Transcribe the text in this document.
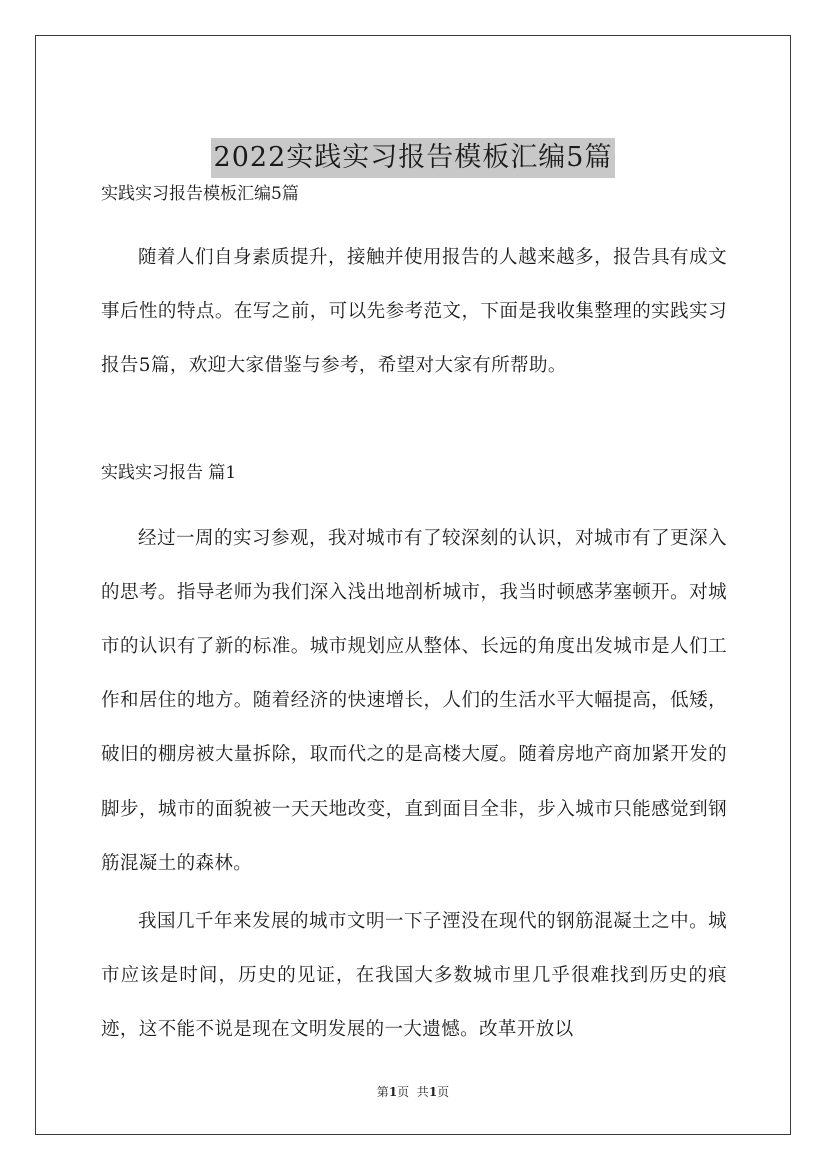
2022实践实习报告模板汇编5篇

实践实习报告模板汇编5篇

随着人们自身素质提升，接触并使用报告的人越来越多，报告具有成文事后性的特点。在写之前，可以先参考范文，下面是我收集整理的实践实习报告5篇，欢迎大家借鉴与参考，希望对大家有所帮助。

实践实习报告 篇1

经过一周的实习参观，我对城市有了较深刻的认识，对城市有了更深入的思考。指导老师为我们深入浅出地剖析城市，我当时顿感茅塞顿开。对城市的认识有了新的标准。城市规划应从整体、长远的角度出发城市是人们工作和居住的地方。随着经济的快速增长，人们的生活水平大幅提高，低矮，破旧的棚房被大量拆除，取而代之的是高楼大厦。随着房地产商加紧开发的脚步，城市的面貌被一天天地改变，直到面目全非，步入城市只能感觉到钢筋混凝土的森林。

我国几千年来发展的城市文明一下子湮没在现代的钢筋混凝土之中。城市应该是时间，历史的见证，在我国大多数城市里几乎很难找到历史的痕迹，这不能不说是现在文明发展的一大遗憾。改革开放以

第1页  共1页
